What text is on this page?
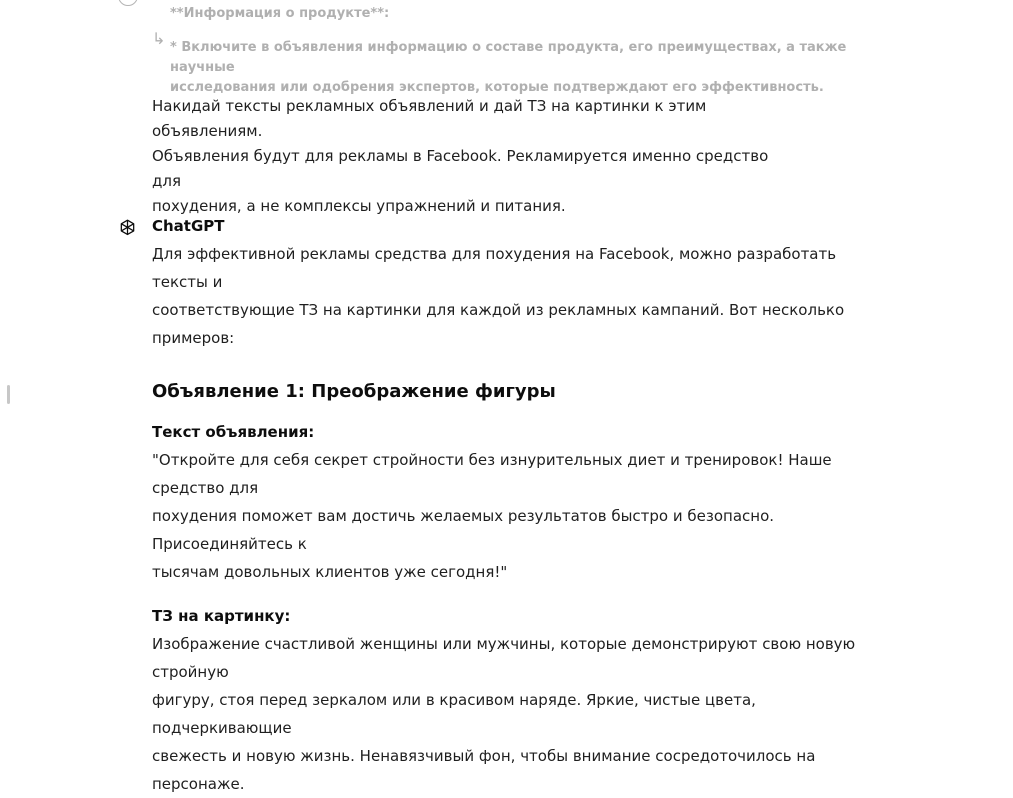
↳

**Информация о продукте**:

* Включите в объявления информацию о составе продукта, его преимуществах, а также научные
исследования или одобрения экспертов, которые подтверждают его эффективность.

Накидай тексты рекламных объявлений и дай ТЗ на картинки к этим объявлениям.

Объявления будут для рекламы в Facebook. Рекламируется именно средство для

похудения, а не комплексы упражнений и питания.

ChatGPT

Для эффективной рекламы средства для похудения на Facebook, можно разработать тексты и

соответствующие ТЗ на картинки для каждой из рекламных кампаний. Вот несколько примеров:

Объявление 1: Преображение фигуры

Текст объявления:

"Откройте для себя секрет стройности без изнурительных диет и тренировок! Наше средство для

похудения поможет вам достичь желаемых результатов быстро и безопасно. Присоединяйтесь к

тысячам довольных клиентов уже сегодня!"

ТЗ на картинку:

Изображение счастливой женщины или мужчины, которые демонстрируют свою новую стройную

фигуру, стоя перед зеркалом или в красивом наряде. Яркие, чистые цвета, подчеркивающие

свежесть и новую жизнь. Ненавязчивый фон, чтобы внимание сосредоточилось на персонаже.
